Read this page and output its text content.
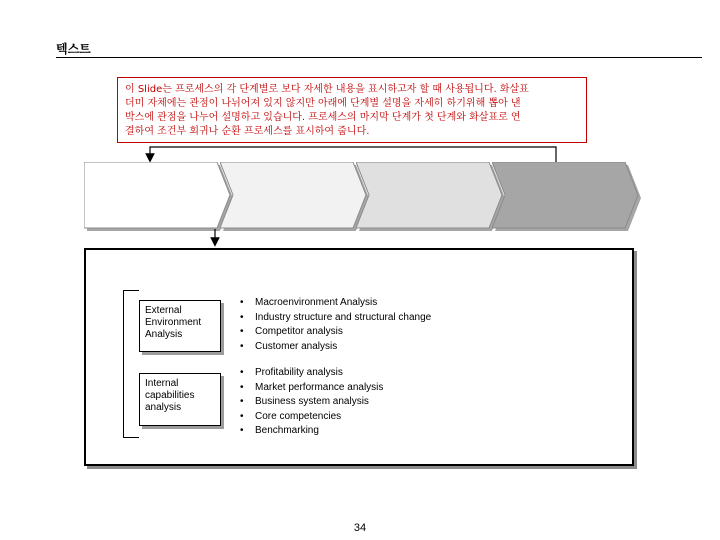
텍스트
이 Slide는 프로세스의 각 단계별로 보다 자세한 내용을 표시하고자 할 때 사용됩니다. 화살표
더미 자체에는 관점이 나뉘어져 있지 않지만 아래에 단계별 설명을 자세히 하기위해 뽑아 낸
박스에 관점을 나누어 설명하고 있습니다. 프로세스의 마지막 단계가 첫 단계와 화살표로 연
결하여 조건부 회귀나 순환 프로세스를 표시하여 줍니다.
External Environment Analysis
Internal capabilities analysis
• Macroenvironment Analysis
• Industry structure and structural change
• Competitor analysis
• Customer analysis
• Profitability analysis
• Market performance analysis
• Business system analysis
• Core competencies
• Benchmarking
34
